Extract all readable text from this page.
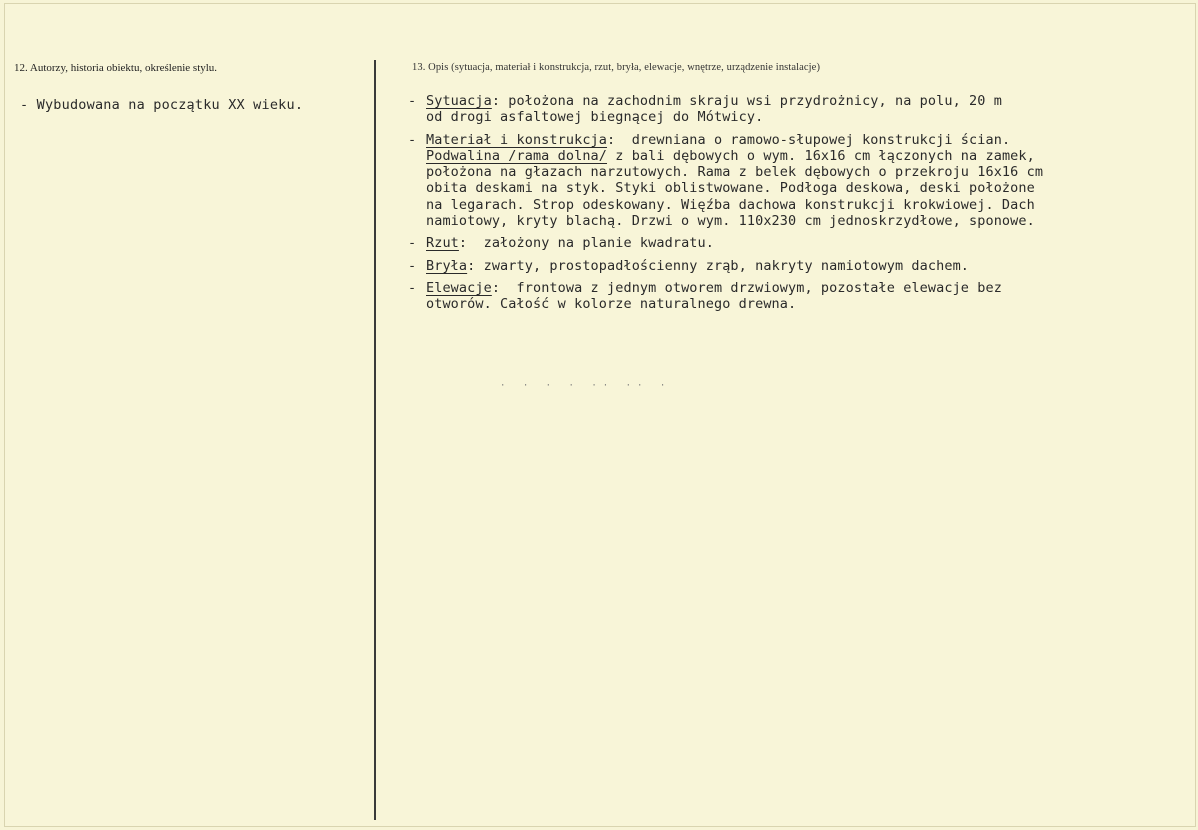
12. Autorzy, historia obiektu, określenie stylu.	13. Opis (sytuacja, materiał i konstrukcja, rzut, bryła, elewacje, wnętrze, urządzenie instalacje)
- Wybudowana na początku XX wieku.	- Sytuacja: położona na zachodnim skraju wsi przydrożnicy, na polu, 20 m
od drogi asfaltowej biegnącej do Mótwicy.
- Materiał i konstrukcja:  drewniana o ramowo-słupowej konstrukcji ścian.
Podwalina /rama dolna/ z bali dębowych o wym. 16x16 cm łączonych na zamek,
położona na głazach narzutowych. Rama z belek dębowych o przekroju 16x16 cm
obita deskami na styk. Styki oblistwowane. Podłoga deskowa, deski położone
na legarach. Strop odeskowany. Więźba dachowa konstrukcji krokwiowej. Dach
namiotowy, kryty blachą. Drzwi o wym. 110x230 cm jednoskrzydłowe, sponowe.
- Rzut:  założony na planie kwadratu.
- Bryła: zwarty, prostopadłościenny zrąb, nakryty namiotowym dachem.
- Elewacje:  frontowa z jednym otworem drzwiowym, pozostałe elewacje bez
otworów. Całość w kolorze naturalnego drewna.
